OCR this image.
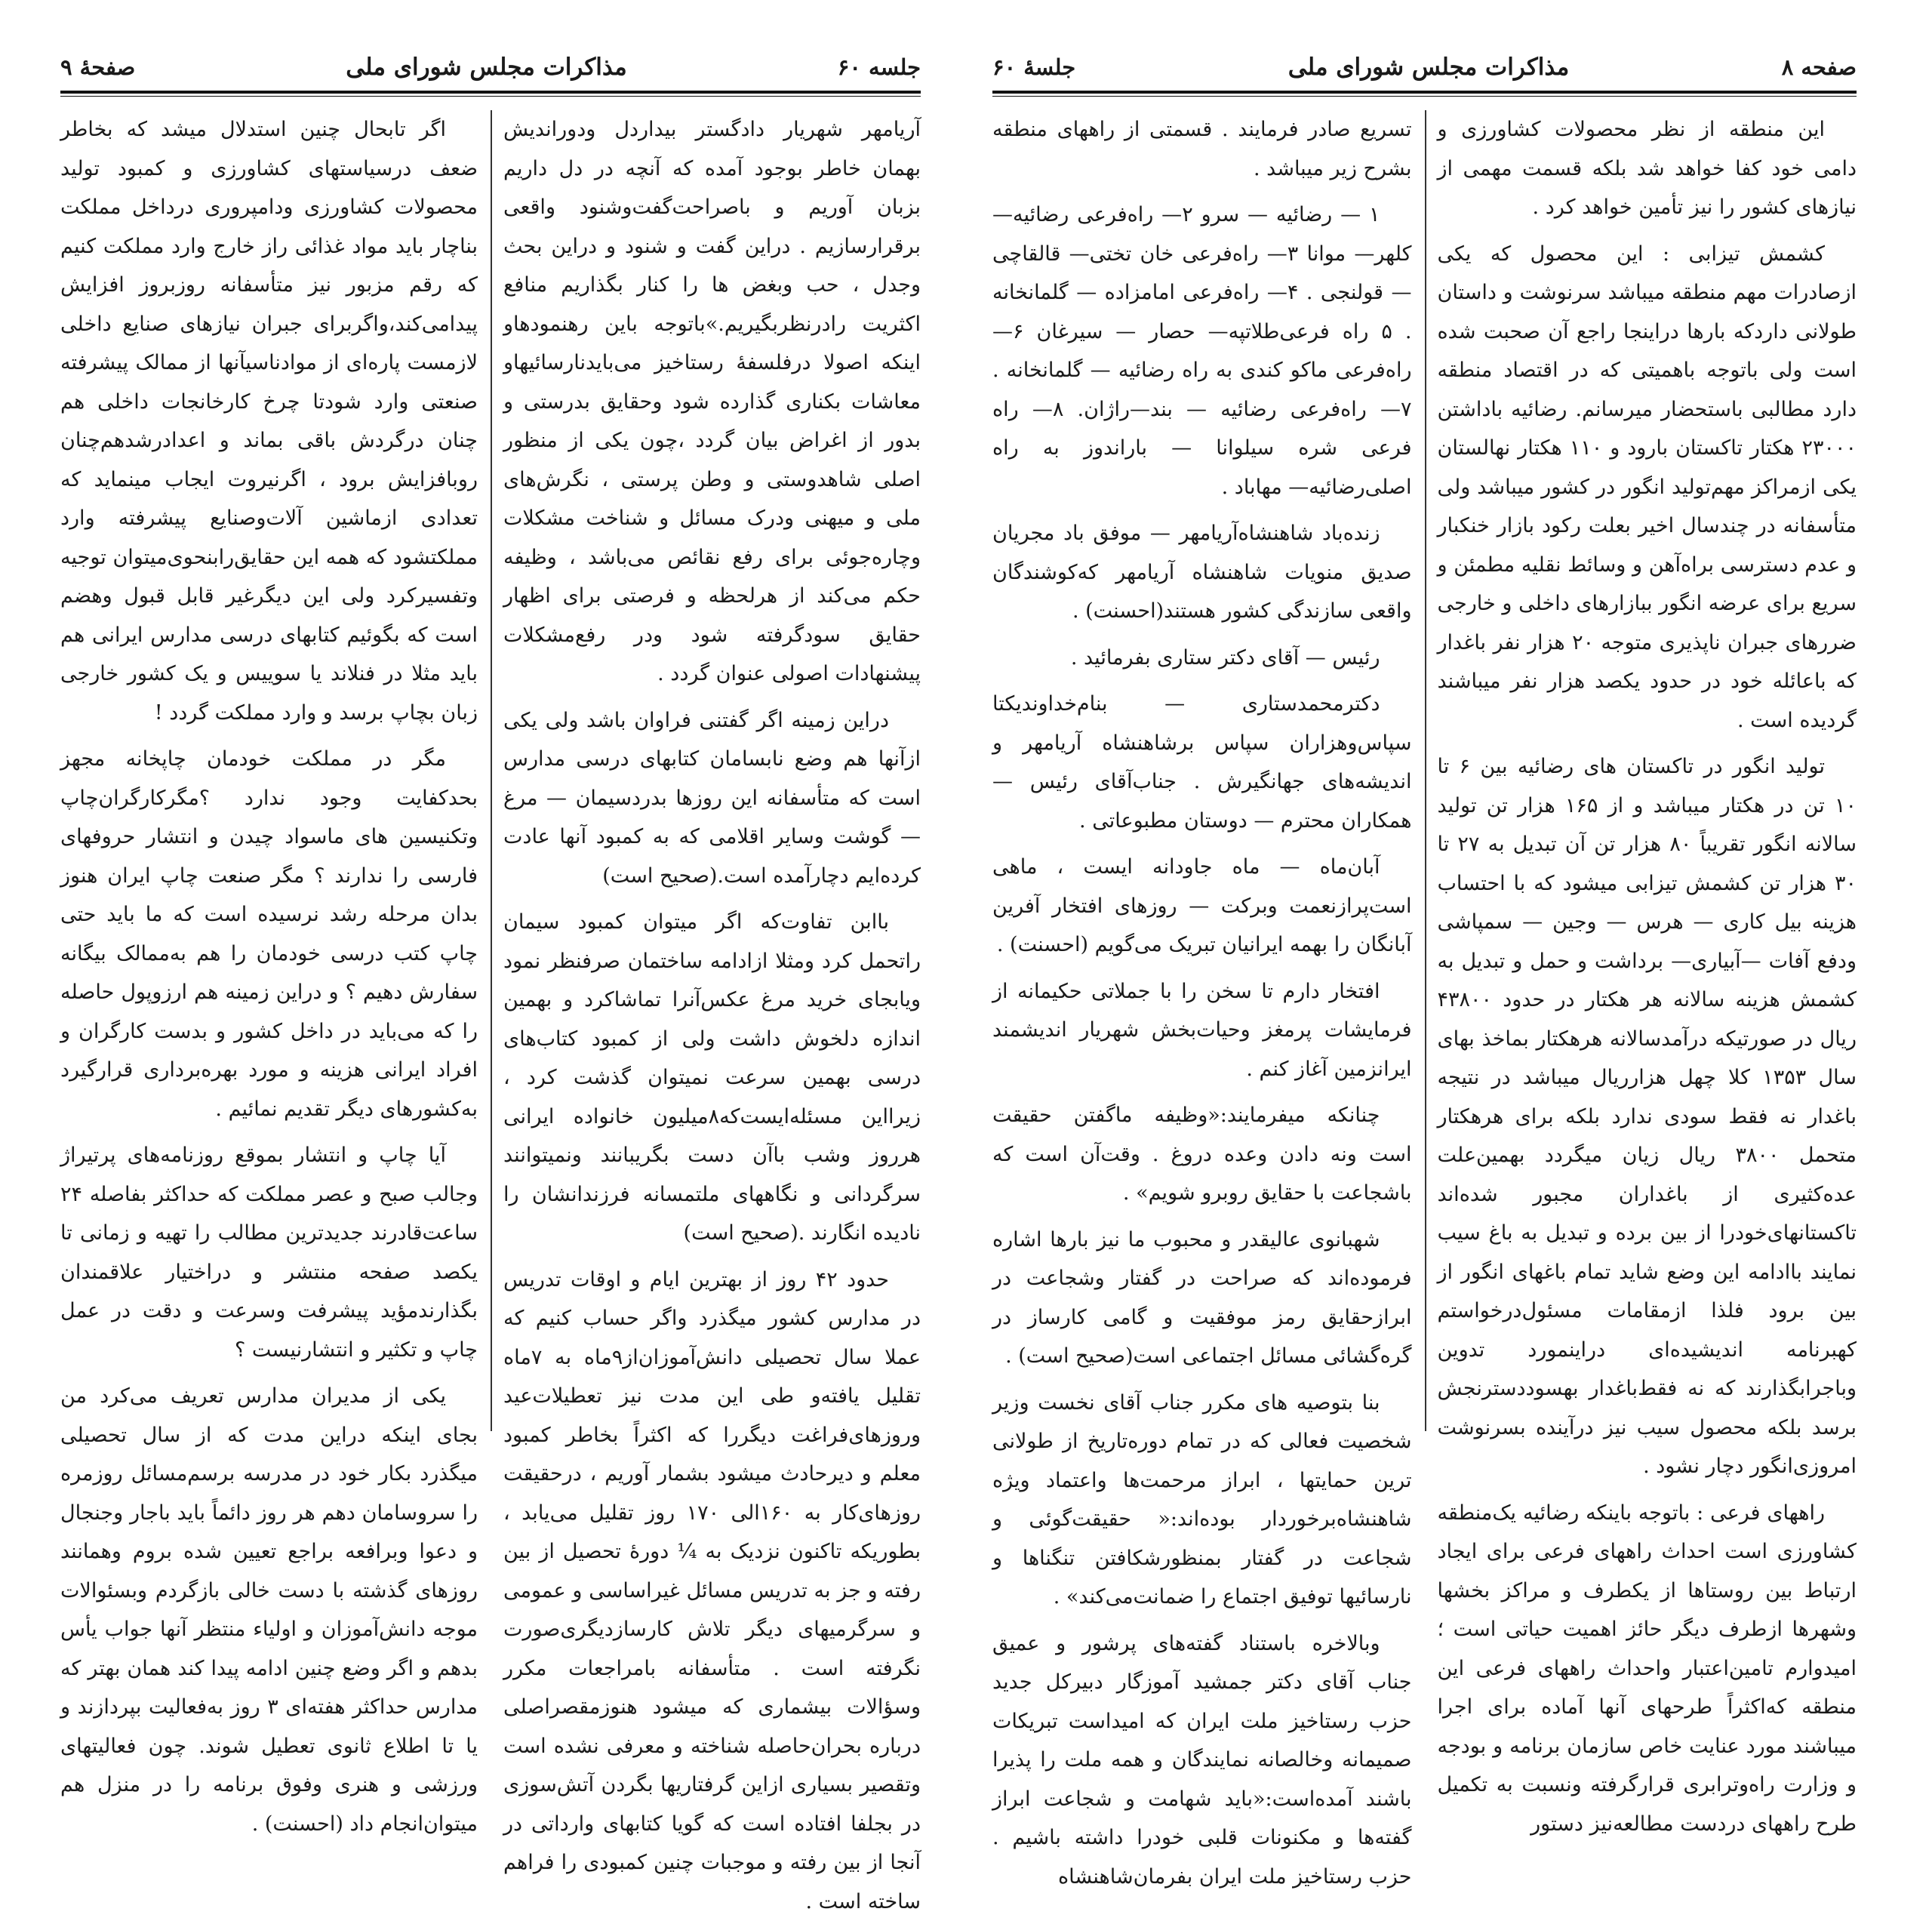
صفحه ۸
مذاکرات مجلس شورای ملی
جلسهٔ ۶۰

این منطقه از نظر محصولات کشاورزی و دامی خود کفا خواهد شد بلکه قسمت مهمی از نیازهای کشور را نیز تأمین خواهد کرد .

کشمش تیزابی : این محصول که یکی ازصادرات مهم منطقه میباشد سرنوشت و داستان طولانی داردکه بارها دراینجا راجع آن صحبت شده است ولی باتوجه باهمیتی که در اقتصاد منطقه دارد مطالبی باستحضار میرسانم. رضائیه باداشتن ۲۳۰۰۰ هکتار تاکستان بارود و ۱۱۰ هکتار نهالستان یکی ازمراکز مهم‌تولید انگور در کشور میباشد ولی متأسفانه در چندسال اخیر بعلت رکود بازار خنکبار و عدم دسترسی براه‌آهن و وسائط نقلیه مطمئن و سریع برای عرضه انگور ببازارهای داخلی و خارجی ضررهای جبران ناپذیری متوجه ۲۰ هزار نفر باغدار که باعائله خود در حدود یکصد هزار نفر میباشند گردیده است .

تولید انگور در تاکستان های رضائیه بین ۶ تا ۱۰ تن در هکتار میباشد و از ۱۶۵ هزار تن تولید سالانه انگور تقریباً ۸۰ هزار تن آن تبدیل به ۲۷ تا ۳۰ هزار تن کشمش تیزابی میشود که با احتساب هزینه بیل کاری — هرس — وجین — سمپاشی ودفع آفات —آبیاری— برداشت و حمل و تبدیل به کشمش هزینه سالانه هر هکتار در حدود ۴۳۸۰۰ ریال در صورتیکه درآمدسالانه هرهکتار بماخذ بهای سال ۱۳۵۳ کلا چهل هزارریال میباشد در نتیجه باغدار نه فقط سودی ندارد بلکه برای هرهکتار متحمل ۳۸۰۰ ریال زیان میگردد بهمین‌علت عده‌کثیری از باغداران مجبور شده‌اند تاکستانهای‌خودرا از بین برده و تبدیل به باغ سیب نمایند باادامه این وضع شاید تمام باغهای انگور از بین برود فلذا ازمقامات مسئول‌درخواستم کهبرنامه اندیشیده‌ای دراینمورد تدوین وباجرابگذارند که نه فقط‌باغدار بهسوددسترنجش برسد بلکه محصول سیب نیز درآینده بسرنوشت امروزی‌انگور دچار نشود .

راههای فرعی : باتوجه باینکه رضائیه یک‌منطقه کشاورزی است احداث راههای فرعی برای ایجاد ارتباط بین روستاها از یکطرف و مراکز بخشها وشهرها ازطرف دیگر حائز اهمیت حیاتی است ؛ امیدوارم تامین‌اعتبار واحداث راههای فرعی این منطقه که‌اکثراً طرحهای آنها آماده برای اجرا میباشند مورد عنایت خاص سازمان برنامه و بودجه و وزارت راه‌وترابری قرارگرفته ونسبت به تکمیل طرح راههای دردست مطالعه‌نیز دستور

تسریع صادر فرمایند . قسمتی از راههای منطقه بشرح زیر میباشد .

۱ — رضائیه — سرو ۲— راه‌فرعی رضائیه— کلهر— موانا ۳— راه‌فرعی خان تختی— قالقاچی — قولنجی . ۴— راه‌فرعی امامزاده — گلمانخانه . ۵ راه فرعی‌طلاتپه— حصار — سیرغان ۶— راه‌فرعی ماکو کندی به راه رضائیه — گلمانخانه . ۷— راه‌فرعی رضائیه — بند—راژان. ۸— راه فرعی شره سیلوانا — باراندوز به راه اصلی‌رضائیه— مهاباد .

زنده‌باد شاهنشاه‌آریامهر — موفق باد مجریان صدیق منویات شاهنشاه آریامهر که‌کوشندگان واقعی سازندگی کشور هستند(احسنت) .

رئیس — آقای دکتر ستاری بفرمائید .

دکترمحمدستاری — بنام‌خداوندیکتا سپاس‌وهزاران سپاس برشاهنشاه آریامهر و اندیشه‌های جهانگیرش . جناب‌آقای رئیس — همکاران محترم — دوستان مطبوعاتی .

آبان‌ماه — ماه جاودانه ایست ، ماهی است‌پرازنعمت وبرکت — روزهای افتخار آفرین آبانگان را بهمه ایرانیان تبریک می‌گویم (احسنت) .

افتخار دارم تا سخن را با جملاتی حکیمانه از فرمایشات پرمغز وحیات‌بخش شهریار اندیشمند ایرانزمین آغاز کنم .

چنانکه میفرمایند:«وظیفه ماگفتن حقیقت است ونه دادن وعده دروغ . وقت‌آن است که باشجاعت با حقایق روبرو شویم» .

شهبانوی عالیقدر و محبوب ما نیز بارها اشاره فرموده‌اند که صراحت در گفتار وشجاعت در ابرازحقایق رمز موفقیت و گامی کارساز در گره‌گشائی مسائل اجتماعی است(صحیح است) .

بنا بتوصیه های مکرر جناب آقای نخست وزیر شخصیت فعالی که در تمام دوره‌تاریخ از طولانی ترین حمایتها ، ابراز مرحمت‌ها واعتماد ویژه شاهنشاه‌برخوردار بوده‌اند:« حقیقت‌گوئی و شجاعت در گفتار بمنظورشکافتن تنگناها و نارسائیها توفیق اجتماع را ضمانت‌می‌کند» .

وبالاخره باستناد گفته‌های پرشور و عمیق جناب آقای دکتر جمشید آموزگار دبیرکل جدید حزب رستاخیز ملت ایران که امیداست تبریکات صمیمانه وخالصانه نمایندگان و همه ملت را پذیرا باشند آمده‌است:«باید شهامت و شجاعت ابراز گفته‌ها و مکنونات قلبی خودرا داشته باشیم . حزب رستاخیز ملت ایران بفرمان‌شاهنشاه

جلسه ۶۰
مذاکرات مجلس شورای ملی
صفحهٔ ۹

آریامهر شهریار دادگستر بیداردل ودوراندیش بهمان خاطر بوجود آمده که آنچه در دل داریم بزبان آوریم و باصراحت‌گفت‌وشنود واقعی برقرارسازیم . دراین گفت و شنود و دراین بحث وجدل ، حب وبغض ها را کنار بگذاریم منافع اکثریت رادرنظربگیریم.»باتوجه باین رهنمودهاو اینکه اصولا درفلسفهٔ رستاخیز می‌بایدنارسائیهاو معاشات بکناری گذارده شود وحقایق بدرستی و بدور از اغراض بیان گردد ،چون یکی از منظور اصلی شاهدوستی و وطن پرستی ، نگرش‌های ملی و میهنی ودرک مسائل و شناخت مشکلات وچاره‌جوئی برای رفع نقائص می‌باشد ، وظیفه حکم می‌کند از هرلحظه و فرصتی برای اظهار حقایق سودگرفته شود ودر رفع‌مشکلات پیشنهادات اصولی عنوان گردد .

دراین زمینه اگر گفتنی فراوان باشد ولی یکی ازآنها هم وضع نابسامان کتابهای درسی مدارس است که متأسفانه این روزها بدردسیمان — مرغ — گوشت وسایر اقلامی که به کمبود آنها عادت کرده‌ایم دچارآمده است.(صحیح است)

باابن تفاوت‌که اگر میتوان کمبود سیمان راتحمل کرد ومثلا ازادامه ساختمان صرفنظر نمود ویابجای خرید مرغ عکس‌آنرا تماشاکرد و بهمین اندازه دلخوش داشت ولی از کمبود کتاب‌های درسی بهمین سرعت نمیتوان گذشت کرد ، زیرااین مسئله‌ایست‌که۸میلیون خانواده ایرانی هرروز وشب باآن دست بگریبانند ونمیتوانند سرگردانی و نگاههای ملتمسانه فرزندانشان را نادیده انگارند .(صحیح است)

حدود ۴۲ روز از بهترین ایام و اوقات تدریس در مدارس کشور میگذرد واگر حساب کنیم که عملا سال تحصیلی دانش‌آموزان‌از۹ماه به ۷ماه تقلیل یافته‌و طی این مدت نیز تعطیلات‌عید وروزهای‌فراغت دیگررا که اکثراً بخاطر کمبود معلم و دیرحادث میشود بشمار آوریم ، درحقیقت روزهای‌کار به ۱۶۰الی ۱۷۰ روز تقلیل می‌یابد ، بطوریکه تاکنون نزدیک به ¼ دورهٔ تحصیل از بین رفته و جز به تدریس مسائل غیراساسی و عمومی و سرگرمیهای دیگر تلاش کارسازدیگری‌صورت نگرفته است . متأسفانه بامراجعات مکرر وسؤالات بیشماری که میشود هنوزمقصراصلی درباره بحران‌حاصله شناخته و معرفی نشده است وتقصیر بسیاری ازاین گرفتاریها بگردن آتش‌سوزی در بجلفا افتاده است که گویا کتابهای وارداتی در آنجا از بین رفته و موجبات چنین کمبودی را فراهم ساخته است .

اگر تابحال چنین استدلال میشد که بخاطر ضعف درسیاستهای کشاورزی و کمبود تولید محصولات کشاورزی ودامپروری درداخل مملکت بناچار باید مواد غذائی راز خارج وارد مملکت کنیم که رقم مزبور نیز متأسفانه روزبروز افزایش پیدامی‌کند،واگربرای جبران نیازهای صنایع داخلی لازمست پاره‌ای از موادناسیآنها از ممالک پیشرفته صنعتی وارد شودتا چرخ کارخانجات داخلی هم چنان درگردش باقی بماند و اعدادرشدهم‌چنان روبافزایش برود ، اگرنیروت ایجاب مینماید که تعدادی ازماشین آلات‌وصنایع پیشرفته وارد مملکتشود که همه این حقایق‌رابنحوی‌میتوان توجیه وتفسیرکرد ولی این دیگرغیر قابل قبول وهضم است که بگوئیم کتابهای درسی مدارس ایرانی هم باید مثلا در فنلاند یا سوییس و یک کشور خارجی زبان بچاپ برسد و وارد مملکت گردد !

مگر در مملکت خودمان چاپخانه مجهز بحدکفایت وجود ندارد ؟مگرکارگران‌چاپ وتکنیسین های ماسواد چیدن و انتشار حروفهای فارسی را ندارند ؟ مگر صنعت چاپ ایران هنوز بدان مرحله رشد نرسیده است که ما باید حتی چاپ کتب درسی خودمان را هم به‌ممالک بیگانه سفارش دهیم ؟ و دراین زمینه هم ارزوپول حاصله را که می‌باید در داخل کشور و بدست کارگران و افراد ایرانی هزینه و مورد بهره‌برداری قرارگیرد به‌کشورهای دیگر تقدیم نمائیم .

آیا چاپ و انتشار بموقع روزنامه‌های پرتیراژ وجالب صبح و عصر مملکت که حداکثر بفاصله ۲۴ ساعت‌قادرند جدیدترین مطالب را تهیه و زمانی تا یکصد صفحه منتشر و دراختیار علاقمندان بگذارندمؤید پیشرفت وسرعت و دقت در عمل چاپ و تکثیر و انتشارنیست ؟

یکی از مدیران مدارس تعریف می‌کرد من بجای اینکه دراین مدت که از سال تحصیلی میگذرد بکار خود در مدرسه برسم‌مسائل روزمره را سروسامان دهم هر روز دائماً باید باجار وجنجال و دعوا وبرافعه براجع تعیین شده بروم وهمانند روزهای گذشته با دست خالی بازگردم وبسئوالات موجه دانش‌آموزان و اولیاء منتظر آنها جواب یأس بدهم و اگر وضع چنین ادامه پیدا کند همان بهتر که مدارس حداکثر هفته‌ای ۳ روز به‌فعالیت بپردازند و یا تا اطلاع ثانوی تعطیل شوند. چون فعالیتهای ورزشی و هنری وفوق برنامه را در منزل هم میتوان‌انجام داد (احسنت) .
